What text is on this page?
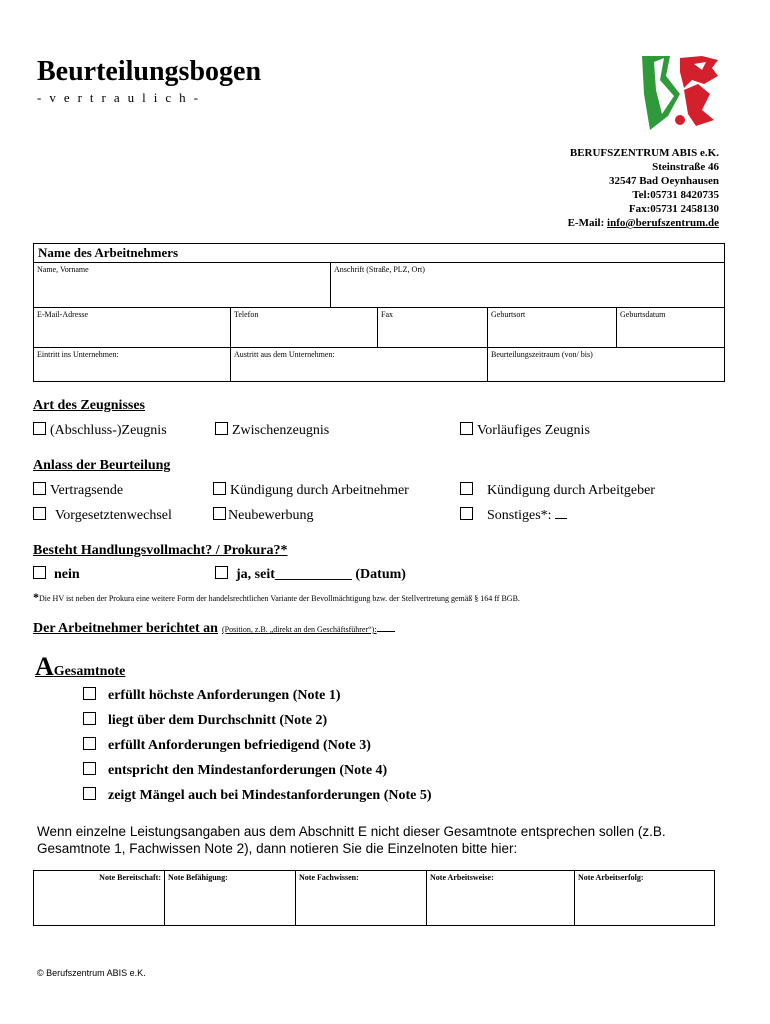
Beurteilungsbogen
-vertraulich-
BERUFSZENTRUM ABIS e.K.
Steinstraße 46
32547 Bad Oeynhausen
Tel:05731 8420735
Fax:05731 2458130
E-Mail: info@berufszentrum.de
Name des Arbeitnehmers
Name, Vorname	Anschrift (Straße, PLZ, Ort)
E-Mail-Adresse	Telefon	Fax	Geburtsort	Geburtsdatum
Eintritt ins Unternehmen:	Austritt aus dem Unternehmen:	Beurteilungszeitraum (von/ bis)
Art des Zeugnisses
(Abschluss-)Zeugnis	Zwischenzeugnis	Vorläufiges Zeugnis
Anlass der Beurteilung
Vertragsende	Kündigung durch Arbeitnehmer	Kündigung durch Arbeitgeber
Vorgesetztenwechsel	Neubewerbung	Sonstiges*:
Besteht Handlungsvollmacht? / Prokura?*
nein	ja, seit___________ (Datum)
*Die HV ist neben der Prokura eine weitere Form der handelsrechtlichen Variante der Bevollmächtigung bzw. der Stellvertretung gemäß § 164 ff BGB.
Der Arbeitnehmer berichtet an (Position, z.B. „direkt an den Geschäftsführer“):
AGesamtnote
erfüllt höchste Anforderungen (Note 1)
liegt über dem Durchschnitt (Note 2)
erfüllt Anforderungen befriedigend (Note 3)
entspricht den Mindestanforderungen (Note 4)
zeigt Mängel auch bei Mindestanforderungen (Note 5)
Wenn einzelne Leistungsangaben aus dem Abschnitt E nicht dieser Gesamtnote entsprechen sollen (z.B. Gesamtnote 1, Fachwissen Note 2), dann notieren Sie die Einzelnoten bitte hier:
Note Bereitschaft:	Note Befähigung:	Note Fachwissen:	Note Arbeitsweise:	Note Arbeitserfolg:
© Berufszentrum ABIS e.K.
